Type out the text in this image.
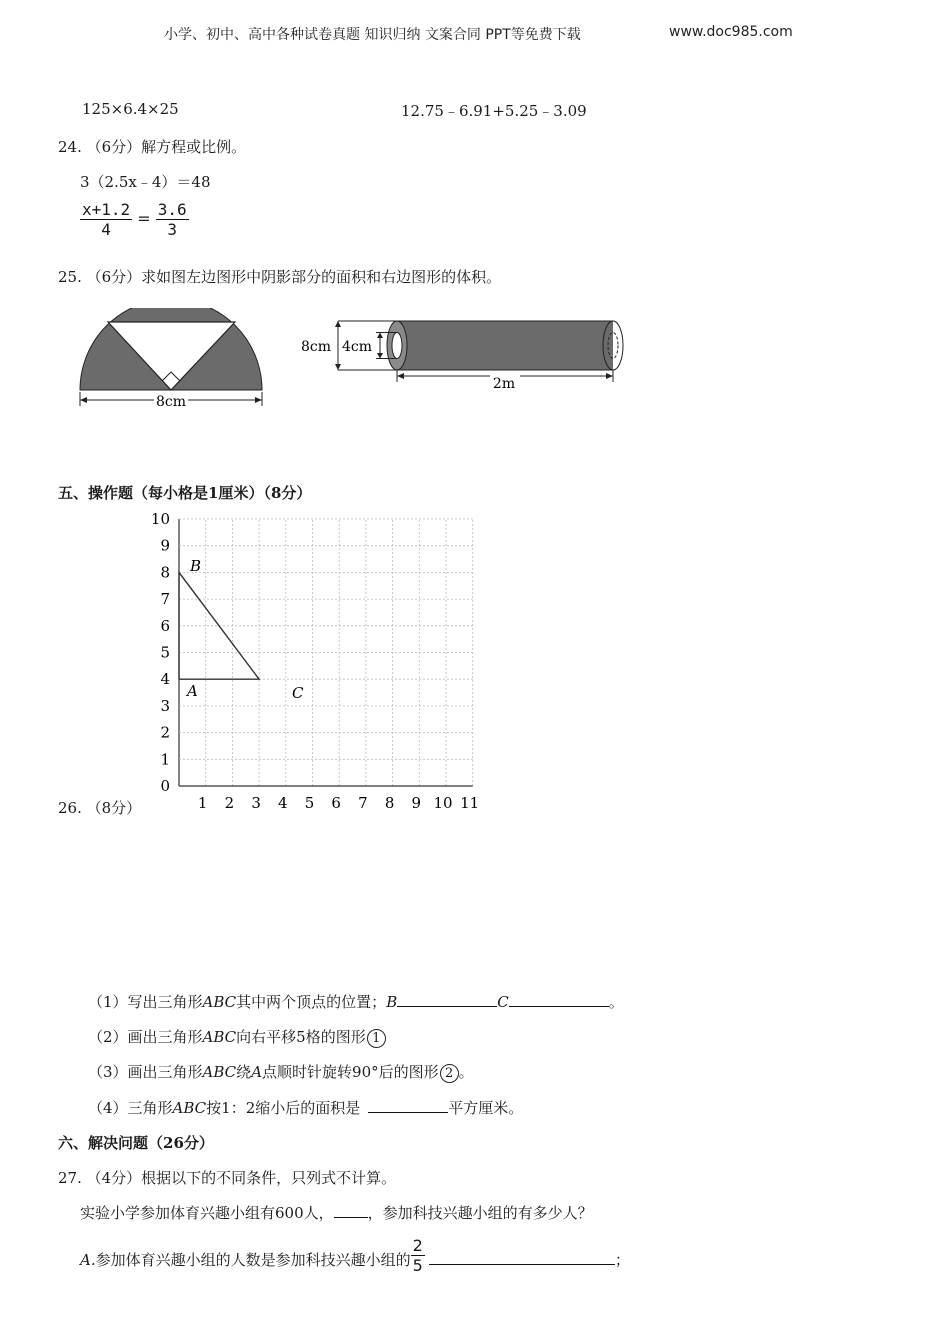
小学、初中、高中各种试卷真题 知识归纳 文案合同 PPT等免费下载	www.doc985.com
125×6.4×25	12.75﹣6.91+5.25﹣3.09
24. （6分）解方程或比例。
3（2.5x﹣4）＝48
$\frac{x+1.2}{4} = \frac{3.6}{3}$
25. （6分）求如图左边图形中阴影部分的面积和右边图形的体积。
8cm
8cm 4cm
2m
五、操作题（每小格是1厘米）（8分）
0
1
2
3
4
5
6
7
8
9
10
1 2 3 4 5 6 7 8 9 10 11
B
A	C
26. （8分）
（1）写出三角形ABC其中两个顶点的位置；B	C	。
（2）画出三角形ABC向右平移5格的图形 1
（3）画出三角形ABC绕A点顺时针旋转90°后的图形 2 。
（4）三角形ABC按1：2缩小后的面积是	平方厘米。
六、解决问题（26分）
27. （4分）根据以下的不同条件，只列式不计算。
实验小学参加体育兴趣小组有600人， ，参加科技兴趣小组的有多少人？
A.参加体育兴趣小组的人数是参加科技兴趣小组的 $\frac{2}{5}$	；
